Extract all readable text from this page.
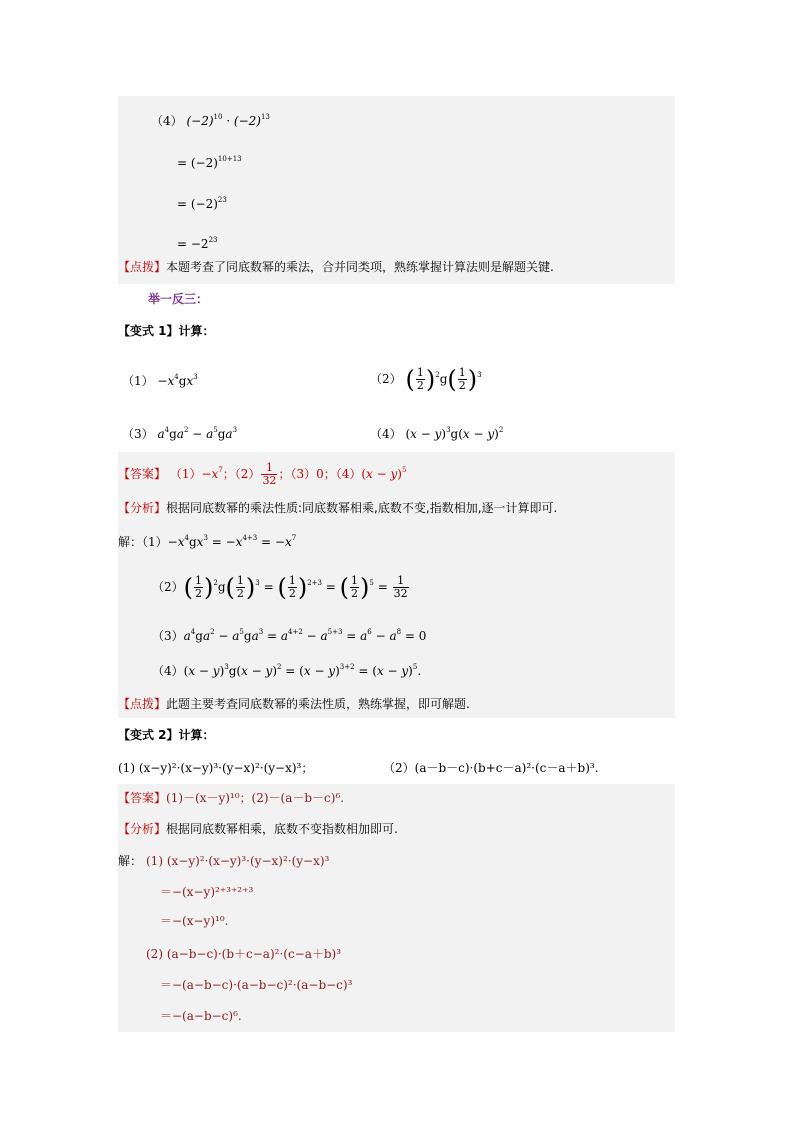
（4） $(-2)^{10} \cdot (-2)^{13}$
= $(-2)^{10+13}$
= $(-2)^{23}$
= $-2^{23}$
【点拨】本题考查了同底数幂的乘法，合并同类项，熟练掌握计算法则是解题关键.
举一反三：
【变式 1】计算：
$(1) -x^4gx^3$	（2） ( $\frac{1}{2} )^2g( \frac{1}{2} )^3$
（3） $a^4ga^2 - a^5ga^3$	（4） $(x - y)^3g(x - y)^2$
【答案】 $(1)-x^7$；$(2) \frac{1}{32}$ ；（3）0；$(4)(x - y)^5$
【分析】根据同底数幂的乘法性质:同底数幂相乘,底数不变,指数相加,逐一计算即可.
解：$(1)-x^4gx^3 = -x^{4+3} = -x^7$
$(2)( \frac{1}{2} )^2g( \frac{1}{2} )^3$ = ( $\frac{1}{2} )^{2+3}$ = ( $\frac{1}{2} )^5 = \frac{1}{32}$
$(3)a^4ga^2 - a^5ga^3 = a^{4+2} - a^{5+3} = a^6 - a^8 = 0$
$(4)(x - y)^3g(x - y)^2 = (x - y)^{3+2} = (x - y)^5$.
【点拨】此题主要考查同底数幂的乘法性质，熟练掌握，即可解题.
【变式 2】计算：
(1) (x−y)²·(x−y)³·(y−x)²·(y−x)³；	（2）(a－b－c)·(b+c－a)²·(c－a＋b)³.
【答案】(1)－(x－y)¹⁰；(2)－(a－b－c)⁶.
【分析】根据同底数幂相乘，底数不变指数相加即可.
解： (1) (x−y)²·(x−y)³·(y−x)²·(y−x)³
＝−(x−y)²⁺³⁺²⁺³
＝−(x−y)¹⁰.
(2) (a−b−c)·(b＋c−a)²·(c−a＋b)³
＝−(a−b−c)·(a−b−c)²·(a−b−c)³
＝−(a−b−c)⁶.
